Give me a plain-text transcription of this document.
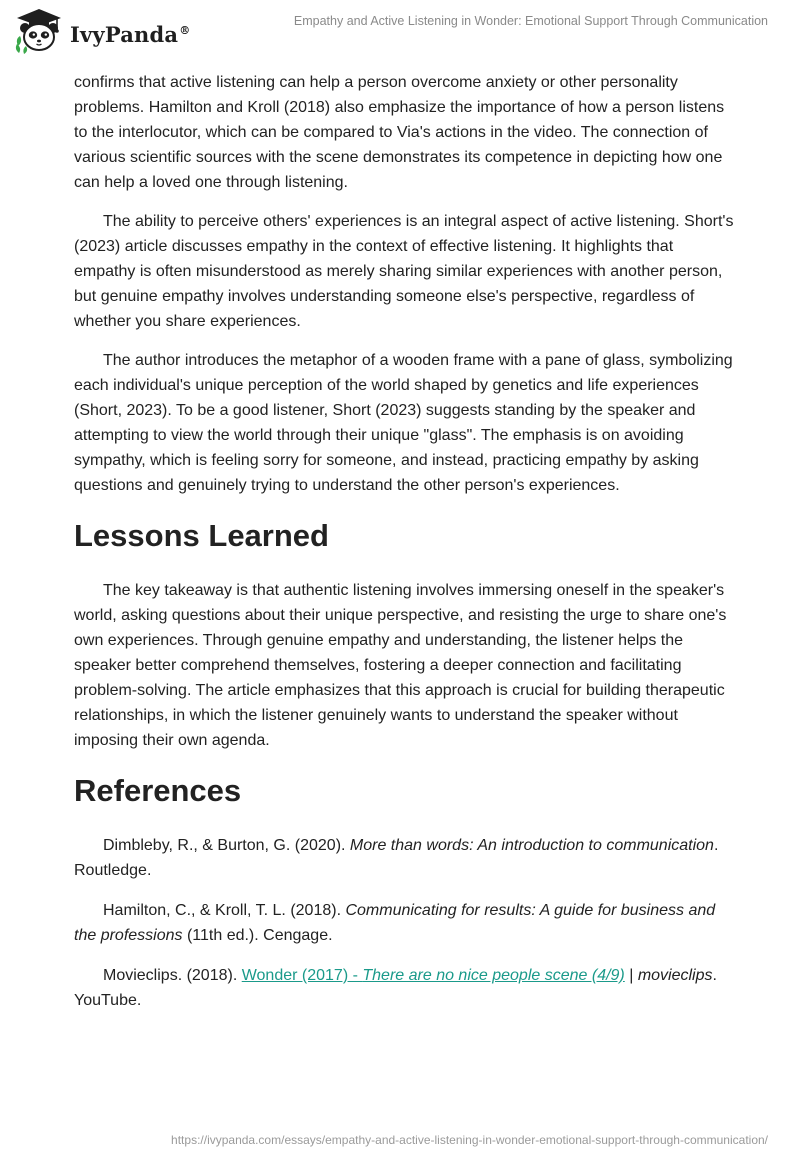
IvyPanda®
Empathy and Active Listening in Wonder: Emotional Support Through Communication

confirms that active listening can help a person overcome anxiety or other personality problems. Hamilton and Kroll (2018) also emphasize the importance of how a person listens to the interlocutor, which can be compared to Via's actions in the video. The connection of various scientific sources with the scene demonstrates its competence in depicting how one can help a loved one through listening.

The ability to perceive others' experiences is an integral aspect of active listening. Short's (2023) article discusses empathy in the context of effective listening. It highlights that empathy is often misunderstood as merely sharing similar experiences with another person, but genuine empathy involves understanding someone else's perspective, regardless of whether you share experiences.

The author introduces the metaphor of a wooden frame with a pane of glass, symbolizing each individual's unique perception of the world shaped by genetics and life experiences (Short, 2023). To be a good listener, Short (2023) suggests standing by the speaker and attempting to view the world through their unique "glass". The emphasis is on avoiding sympathy, which is feeling sorry for someone, and instead, practicing empathy by asking questions and genuinely trying to understand the other person's experiences.

Lessons Learned

The key takeaway is that authentic listening involves immersing oneself in the speaker's world, asking questions about their unique perspective, and resisting the urge to share one's own experiences. Through genuine empathy and understanding, the listener helps the speaker better comprehend themselves, fostering a deeper connection and facilitating problem-solving. The article emphasizes that this approach is crucial for building therapeutic relationships, in which the listener genuinely wants to understand the speaker without imposing their own agenda.

References

Dimbleby, R., & Burton, G. (2020). More than words: An introduction to communication. Routledge.

Hamilton, C., & Kroll, T. L. (2018). Communicating for results: A guide for business and the professions (11th ed.). Cengage.

Movieclips. (2018). Wonder (2017) - There are no nice people scene (4/9) | movieclips. YouTube.

https://ivypanda.com/essays/empathy-and-active-listening-in-wonder-emotional-support-through-communication/
